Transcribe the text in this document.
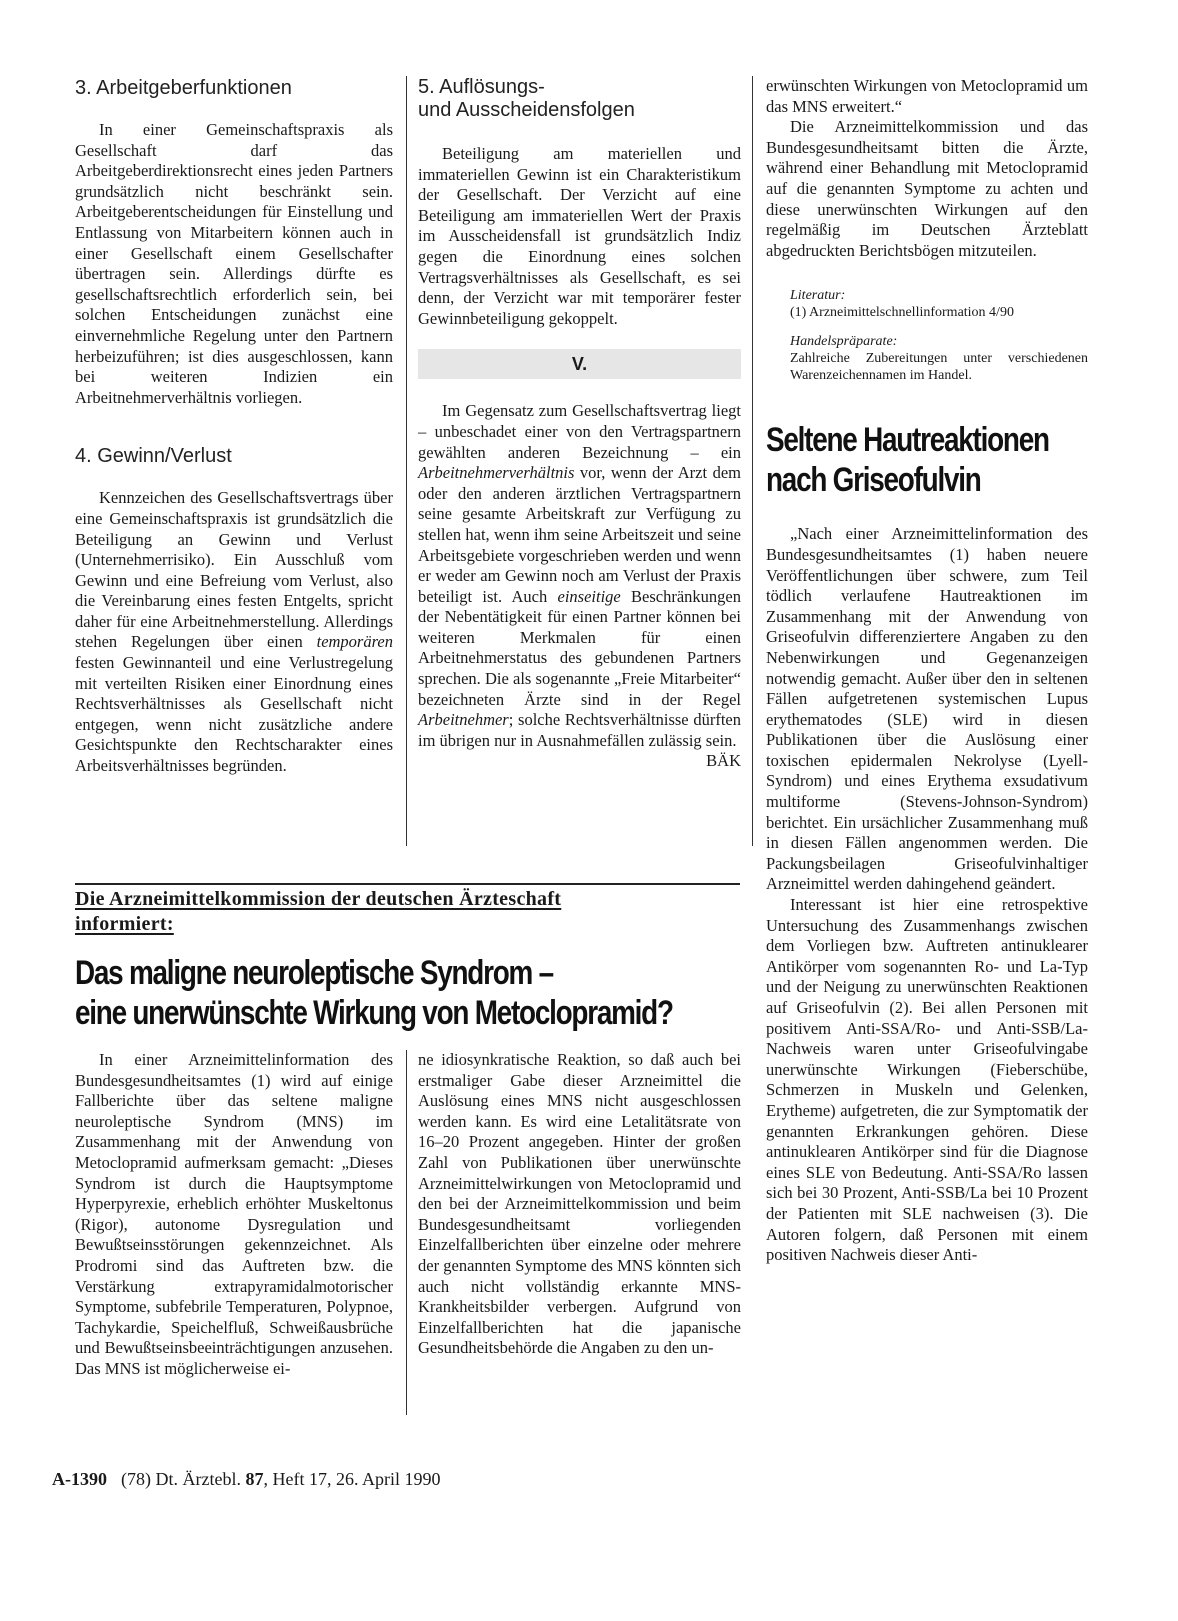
3. Arbeitgeberfunktionen

In einer Gemeinschaftspraxis als Gesellschaft darf das Arbeitgeberdirektionsrecht eines jeden Partners grundsätzlich nicht beschränkt sein. Arbeitgeberentscheidungen für Einstellung und Entlassung von Mitarbeitern können auch in einer Gesellschaft einem Gesellschafter übertragen sein. Allerdings dürfte es gesellschaftsrechtlich erforderlich sein, bei solchen Entscheidungen zunächst eine einvernehmliche Regelung unter den Partnern herbeizuführen; ist dies ausgeschlossen, kann bei weiteren Indizien ein Arbeitnehmerverhältnis vorliegen.

4. Gewinn/Verlust

Kennzeichen des Gesellschaftsvertrags über eine Gemeinschaftspraxis ist grundsätzlich die Beteiligung an Gewinn und Verlust (Unternehmerrisiko). Ein Ausschluß vom Gewinn und eine Befreiung vom Verlust, also die Vereinbarung eines festen Entgelts, spricht daher für eine Arbeitnehmerstellung. Allerdings stehen Regelungen über einen temporären festen Gewinnanteil und eine Verlustregelung mit verteilten Risiken einer Einordnung eines Rechtsverhältnisses als Gesellschaft nicht entgegen, wenn nicht zusätzliche andere Gesichtspunkte den Rechtscharakter eines Arbeitsverhältnisses begründen.

5. Auflösungs-
und Ausscheidensfolgen

Beteiligung am materiellen und immateriellen Gewinn ist ein Charakteristikum der Gesellschaft. Der Verzicht auf eine Beteiligung am immateriellen Wert der Praxis im Ausscheidensfall ist grundsätzlich Indiz gegen die Einordnung eines solchen Vertragsverhältnisses als Gesellschaft, es sei denn, der Verzicht war mit temporärer fester Gewinnbeteiligung gekoppelt.

V.

Im Gegensatz zum Gesellschaftsvertrag liegt – unbeschadet einer von den Vertragspartnern gewählten anderen Bezeichnung – ein Arbeitnehmerverhältnis vor, wenn der Arzt dem oder den anderen ärztlichen Vertragspartnern seine gesamte Arbeitskraft zur Verfügung zu stellen hat, wenn ihm seine Arbeitszeit und seine Arbeitsgebiete vorgeschrieben werden und wenn er weder am Gewinn noch am Verlust der Praxis beteiligt ist. Auch einseitige Beschränkungen der Nebentätigkeit für einen Partner können bei weiteren Merkmalen für einen Arbeitnehmerstatus des gebundenen Partners sprechen. Die als sogenannte „Freie Mitarbeiter“ bezeichneten Ärzte sind in der Regel Arbeitnehmer; solche Rechtsverhältnisse dürften im übrigen nur in Ausnahmefällen zulässig sein.
BÄK

erwünschten Wirkungen von Metoclopramid um das MNS erweitert.“

Die Arzneimittelkommission und das Bundesgesundheitsamt bitten die Ärzte, während einer Behandlung mit Metoclopramid auf die genannten Symptome zu achten und diese unerwünschten Wirkungen auf den regelmäßig im Deutschen Ärzteblatt abgedruckten Berichtsbögen mitzuteilen.

Literatur:
(1) Arzneimittelschnellinformation 4/90
Handelspräparate:

Zahlreiche Zubereitungen unter verschiedenen Warenzeichennamen im Handel.

Seltene Hautreaktionen
nach Griseofulvin

„Nach einer Arzneimittelinformation des Bundesgesundheitsamtes (1) haben neuere Veröffentlichungen über schwere, zum Teil tödlich verlaufene Hautreaktionen im Zusammenhang mit der Anwendung von Griseofulvin differenziertere Angaben zu den Nebenwirkungen und Gegenanzeigen notwendig gemacht. Außer über den in seltenen Fällen aufgetretenen systemischen Lupus erythematodes (SLE) wird in diesen Publikationen über die Auslösung einer toxischen epidermalen Nekrolyse (Lyell-Syndrom) und eines Erythema exsudativum multiforme (Stevens-Johnson-Syndrom) berichtet. Ein ursächlicher Zusammenhang muß in diesen Fällen angenommen werden. Die Packungsbeilagen Griseofulvinhaltiger Arzneimittel werden dahingehend geändert.

Interessant ist hier eine retrospektive Untersuchung des Zusammenhangs zwischen dem Vorliegen bzw. Auftreten antinuklearer Antikörper vom sogenannten Ro- und La-Typ und der Neigung zu unerwünschten Reaktionen auf Griseofulvin (2). Bei allen Personen mit positivem Anti-SSA/Ro- und Anti-SSB/La-Nachweis waren unter Griseofulvingabe unerwünschte Wirkungen (Fieberschübe, Schmerzen in Muskeln und Gelenken, Erytheme) aufgetreten, die zur Symptomatik der genannten Erkrankungen gehören. Diese antinuklearen Antikörper sind für die Diagnose eines SLE von Bedeutung. Anti-SSA/Ro lassen sich bei 30 Prozent, Anti-SSB/La bei 10 Prozent der Patienten mit SLE nachweisen (3). Die Autoren folgern, daß Personen mit einem positiven Nachweis dieser Anti-

Die Arzneimittelkommission der deutschen Ärzteschaft
informiert:
Das maligne neuroleptische Syndrom –
eine unerwünschte Wirkung von Metoclopramid?

In einer Arzneimittelinformation des Bundesgesundheitsamtes (1) wird auf einige Fallberichte über das seltene maligne neuroleptische Syndrom (MNS) im Zusammenhang mit der Anwendung von Metoclopramid aufmerksam gemacht: „Dieses Syndrom ist durch die Hauptsymptome Hyperpyrexie, erheblich erhöhter Muskeltonus (Rigor), autonome Dysregulation und Bewußtseinsstörungen gekennzeichnet. Als Prodromi sind das Auftreten bzw. die Verstärkung extrapyramidalmotorischer Symptome, subfebrile Temperaturen, Polypnoe, Tachykardie, Speichelfluß, Schweißausbrüche und Bewußtseinsbeeinträchtigungen anzusehen. Das MNS ist möglicherweise ei-

ne idiosynkratische Reaktion, so daß auch bei erstmaliger Gabe dieser Arzneimittel die Auslösung eines MNS nicht ausgeschlossen werden kann. Es wird eine Letalitätsrate von 16–20 Prozent angegeben. Hinter der großen Zahl von Publikationen über unerwünschte Arzneimittelwirkungen von Metoclopramid und den bei der Arzneimittelkommission und beim Bundesgesundheitsamt vorliegenden Einzelfallberichten über einzelne oder mehrere der genannten Symptome des MNS könnten sich auch nicht vollständig erkannte MNS-Krankheitsbilder verbergen. Aufgrund von Einzelfallberichten hat die japanische Gesundheitsbehörde die Angaben zu den un-

A-1390 (78) Dt. Ärztebl. 87, Heft 17, 26. April 1990
